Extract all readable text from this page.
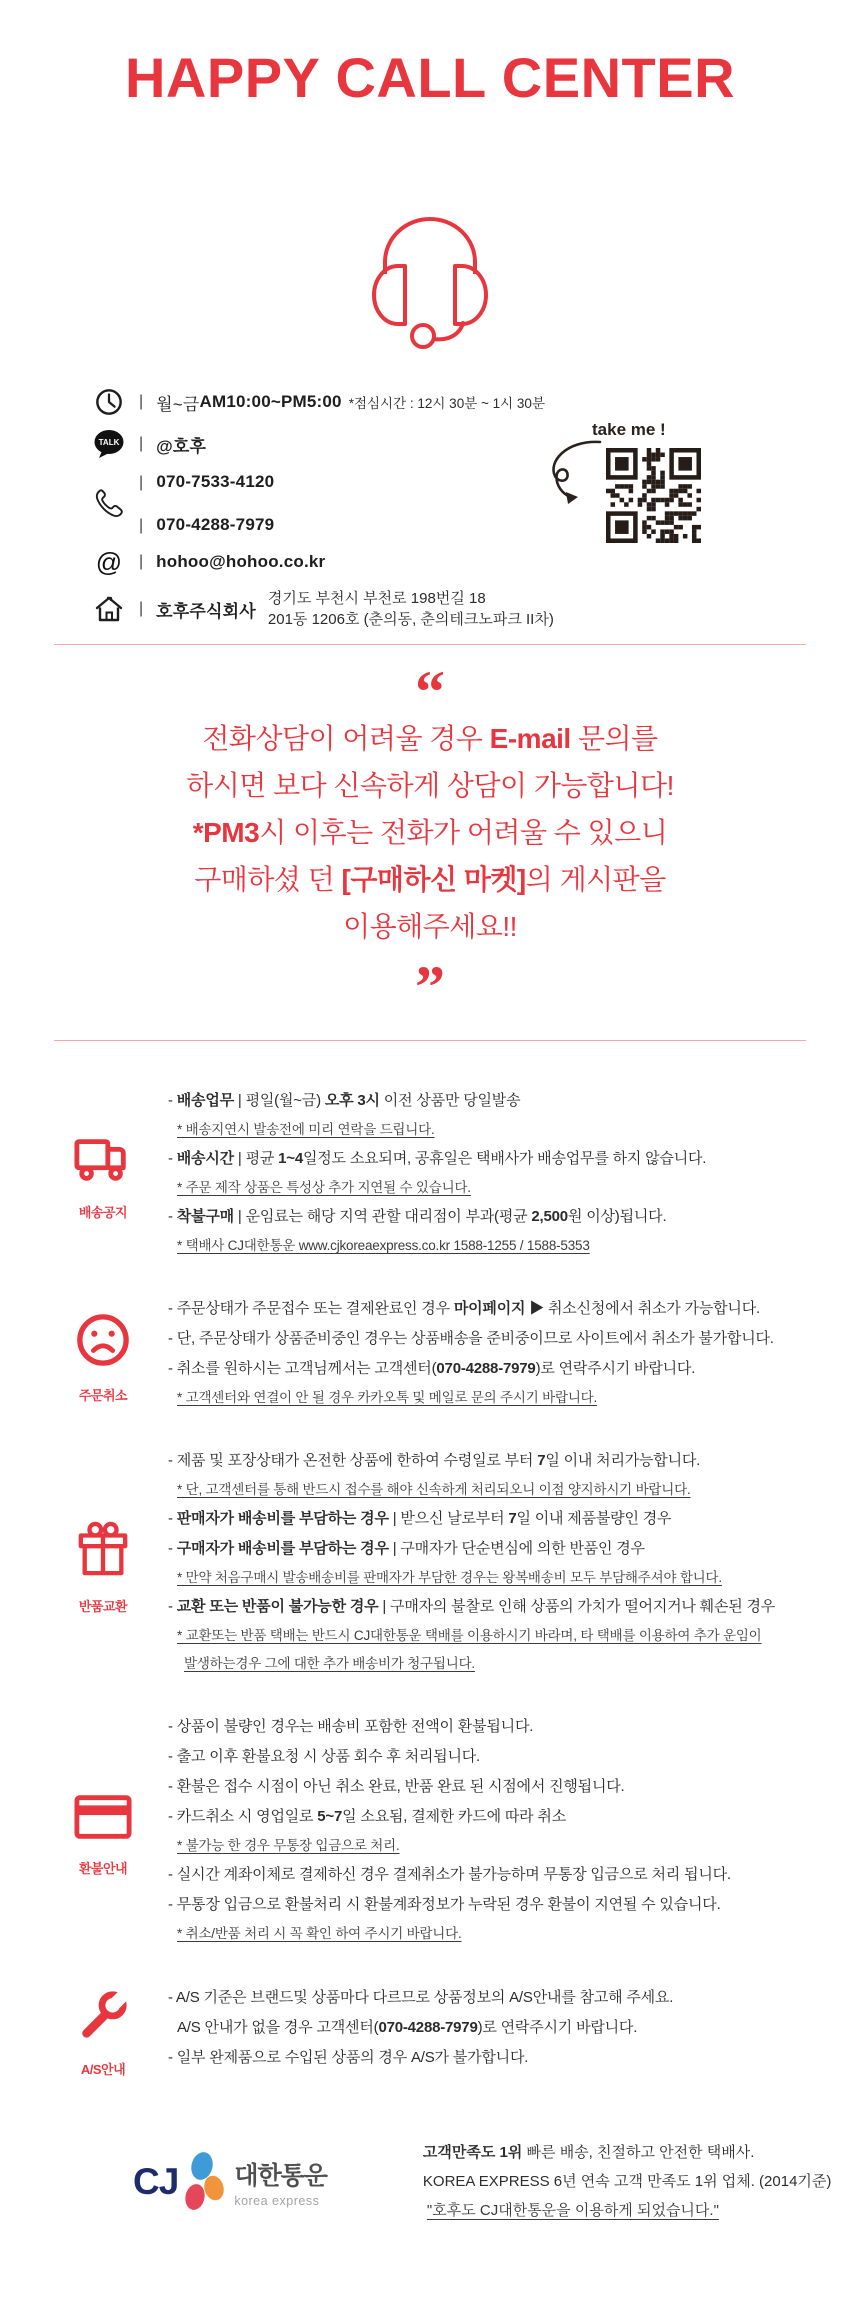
HAPPY CALL CENTER
| 월~금 AM10:00~PM5:00 *점심시간 : 12시 30분 ~ 1시 30분
TALK | @호후
| 070-7533-4120
| 070-4288-7979
@ | hohoo@hohoo.co.kr
| 호후주식회사
경기도 부천시 부천로 198번길 18
201동 1206호 (춘의동, 춘의테크노파크 II차)
take me !
“
전화상담이 어려울 경우 E-mail 문의를
하시면 보다 신속하게 상담이 가능합니다!
*PM3시 이후는 전화가 어려울 수 있으니
구매하셨 던 [구매하신 마켓]의 게시판을
이용해주세요!!
”
배송공지
- 배송업무 | 평일(월~금) 오후 3시 이전 상품만 당일발송
* 배송지연시 발송전에 미리 연락을 드립니다.
- 배송시간 | 평균 1~4일정도 소요되며, 공휴일은 택배사가 배송업무를 하지 않습니다.
* 주문 제작 상품은 특성상 추가 지연될 수 있습니다.
- 착불구매 | 운임료는 해당 지역 관할 대리점이 부과(평균 2,500원 이상)됩니다.
* 택배사 CJ대한통운 www.cjkoreaexpress.co.kr 1588-1255 / 1588-5353
주문취소
- 주문상태가 주문접수 또는 결제완료인 경우 마이페이지 ▶ 취소신청에서 취소가 가능합니다.
- 단, 주문상태가 상품준비중인 경우는 상품배송을 준비중이므로 사이트에서 취소가 불가합니다.
- 취소를 원하시는 고객님께서는 고객센터(070-4288-7979)로 연락주시기 바랍니다.
* 고객센터와 연결이 안 될 경우 카카오톡 및 메일로 문의 주시기 바랍니다.
반품교환
- 제품 및 포장상태가 온전한 상품에 한하여 수령일로 부터 7일 이내 처리가능합니다.
* 단, 고객센터를 통해 반드시 접수를 해야 신속하게 처리되오니 이점 양지하시기 바랍니다.
- 판매자가 배송비를 부담하는 경우 | 받으신 날로부터 7일 이내 제품불량인 경우
- 구매자가 배송비를 부담하는 경우 | 구매자가 단순변심에 의한 반품인 경우
* 만약 처음구매시 발송배송비를 판매자가 부담한 경우는 왕복배송비 모두 부담해주셔야 합니다.
- 교환 또는 반품이 불가능한 경우 | 구매자의 불찰로 인해 상품의 가치가 떨어지거나 훼손된 경우
* 교환또는 반품 택배는 반드시 CJ대한통운 택배를 이용하시기 바라며, 타 택배를 이용하여 추가 운임이
발생하는경우 그에 대한 추가 배송비가 청구됩니다.
환불안내
- 상품이 불량인 경우는 배송비 포함한 전액이 환불됩니다.
- 출고 이후 환불요청 시 상품 회수 후 처리됩니다.
- 환불은 접수 시점이 아닌 취소 완료, 반품 완료 된 시점에서 진행됩니다.
- 카드취소 시 영업일로 5~7일 소요됨, 결제한 카드에 따라 취소
* 불가능 한 경우 무통장 입금으로 처리.
- 실시간 계좌이체로 결제하신 경우 결제취소가 불가능하며 무통장 입금으로 처리 됩니다.
- 무통장 입금으로 환불처리 시 환불계좌정보가 누락된 경우 환불이 지연될 수 있습니다.
* 취소/반품 처리 시 꼭 확인 하여 주시기 바랍니다.
A/S안내
- A/S 기준은 브랜드및 상품마다 다르므로 상품정보의 A/S안내를 참고해 주세요.
A/S 안내가 없을 경우 고객센터(070-4288-7979)로 연락주시기 바랍니다.
- 일부 완제품으로 수입된 상품의 경우 A/S가 불가합니다.
CJ 대한통운
korea express
고객만족도 1위 빠른 배송, 친절하고 안전한 택배사.
KOREA EXPRESS 6년 연속 고객 만족도 1위 업체. (2014기준)
"호후도 CJ대한통운을 이용하게 되었습니다."
